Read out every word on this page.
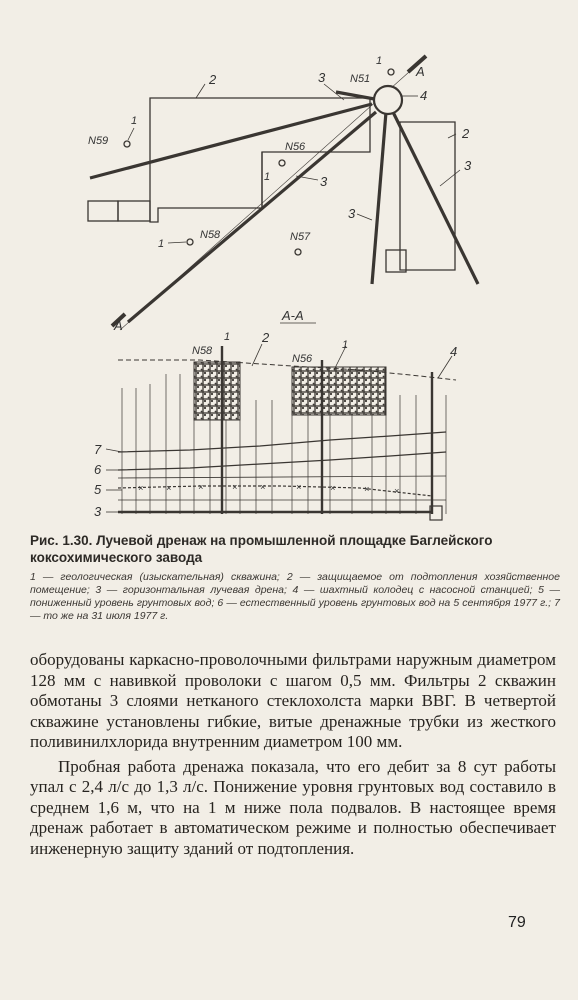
2	3
1
N51	A
4
2
3
3
3
1
N59	N56
1
N58
1
N57
A
А-А
×	×	×	×	×	×	×	×	×
N58
1 2
N56
1	4
7
6
5
3
Рис. 1.30. Лучевой дренаж на промышленной площадке Баглейского коксохимического завода
1 — геологическая (изыскательная) скважина; 2 — защищаемое от подтопления хозяйственное помещение; 3 — горизонтальная лучевая дрена; 4 — шахтный колодец с насосной станцией; 5 — пониженный уровень грунтовых вод; 6 — естественный уровень грунтовых вод на 5 сентября 1977 г.; 7 — то же на 31 июля 1977 г.

оборудованы каркасно-проволочными фильтрами наружным диаметром 128 мм с навивкой проволоки с шагом 0,5 мм. Фильтры 2 скважин обмотаны 3 слоями нетканого стеклохолста марки ВВГ. В четвертой скважине установлены гибкие, витые дренажные трубки из жесткого поливинилхлорида внутренним диаметром 100 мм.

Пробная работа дренажа показала, что его дебит за 8 сут работы упал с 2,4 л/с до 1,3 л/с. Понижение уровня грунтовых вод составило в среднем 1,6 м, что на 1 м ниже пола подвалов. В настоящее время дренаж работает в автоматическом режиме и полностью обеспечивает инженерную защиту зданий от подтопления.

79
